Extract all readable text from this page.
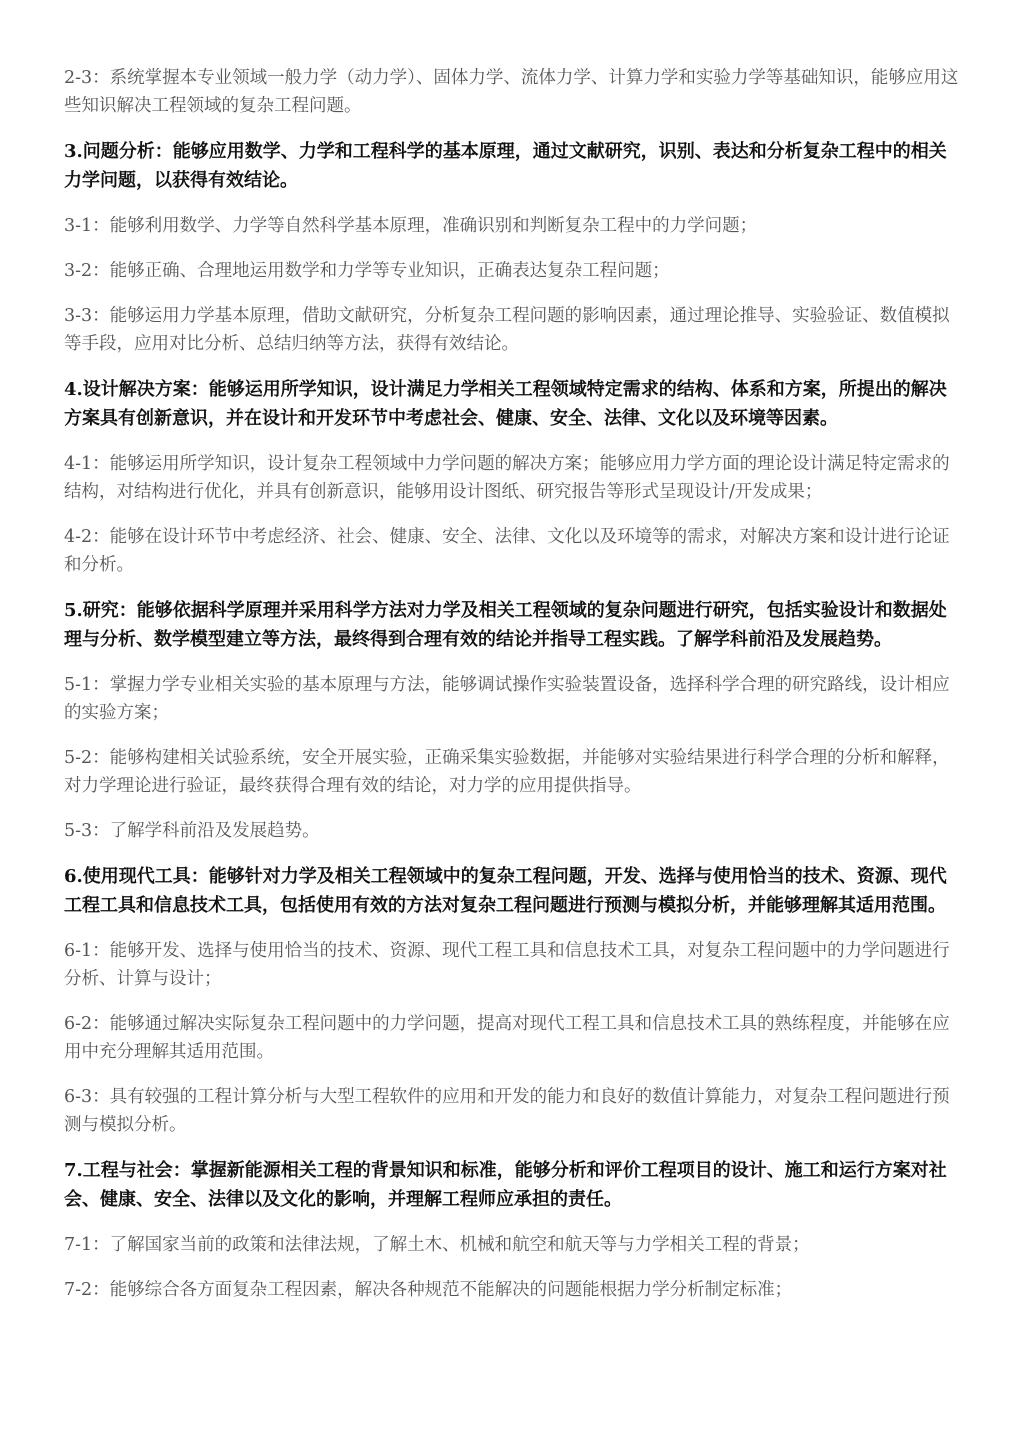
2-3：系统掌握本专业领域一般力学（动力学）、固体力学、流体力学、计算力学和实验力学等基础知识，能够应用这些知识解决工程领域的复杂工程问题。

3.问题分析：能够应用数学、力学和工程科学的基本原理，通过文献研究，识别、表达和分析复杂工程中的相关力学问题，以获得有效结论。

3-1：能够利用数学、力学等自然科学基本原理，准确识别和判断复杂工程中的力学问题；

3-2：能够正确、合理地运用数学和力学等专业知识，正确表达复杂工程问题；

3-3：能够运用力学基本原理，借助文献研究，分析复杂工程问题的影响因素，通过理论推导、实验验证、数值模拟等手段，应用对比分析、总结归纳等方法，获得有效结论。

4.设计解决方案：能够运用所学知识，设计满足力学相关工程领域特定需求的结构、体系和方案，所提出的解决方案具有创新意识，并在设计和开发环节中考虑社会、健康、安全、法律、文化以及环境等因素。

4-1：能够运用所学知识，设计复杂工程领域中力学问题的解决方案；能够应用力学方面的理论设计满足特定需求的结构，对结构进行优化，并具有创新意识，能够用设计图纸、研究报告等形式呈现设计/开发成果；

4-2：能够在设计环节中考虑经济、社会、健康、安全、法律、文化以及环境等的需求，对解决方案和设计进行论证和分析。

5.研究：能够依据科学原理并采用科学方法对力学及相关工程领域的复杂问题进行研究，包括实验设计和数据处理与分析、数学模型建立等方法，最终得到合理有效的结论并指导工程实践。了解学科前沿及发展趋势。

5-1：掌握力学专业相关实验的基本原理与方法，能够调试操作实验装置设备，选择科学合理的研究路线，设计相应的实验方案；

5-2：能够构建相关试验系统，安全开展实验，正确采集实验数据，并能够对实验结果进行科学合理的分析和解释，对力学理论进行验证，最终获得合理有效的结论，对力学的应用提供指导。

5-3：了解学科前沿及发展趋势。

6.使用现代工具：能够针对力学及相关工程领域中的复杂工程问题，开发、选择与使用恰当的技术、资源、现代工程工具和信息技术工具，包括使用有效的方法对复杂工程问题进行预测与模拟分析，并能够理解其适用范围。

6-1：能够开发、选择与使用恰当的技术、资源、现代工程工具和信息技术工具，对复杂工程问题中的力学问题进行分析、计算与设计；

6-2：能够通过解决实际复杂工程问题中的力学问题，提高对现代工程工具和信息技术工具的熟练程度，并能够在应用中充分理解其适用范围。

6-3：具有较强的工程计算分析与大型工程软件的应用和开发的能力和良好的数值计算能力，对复杂工程问题进行预测与模拟分析。

7.工程与社会：掌握新能源相关工程的背景知识和标准，能够分析和评价工程项目的设计、施工和运行方案对社会、健康、安全、法律以及文化的影响，并理解工程师应承担的责任。

7-1：了解国家当前的政策和法律法规，了解土木、机械和航空和航天等与力学相关工程的背景；

7-2：能够综合各方面复杂工程因素，解决各种规范不能解决的问题能根据力学分析制定标准；
